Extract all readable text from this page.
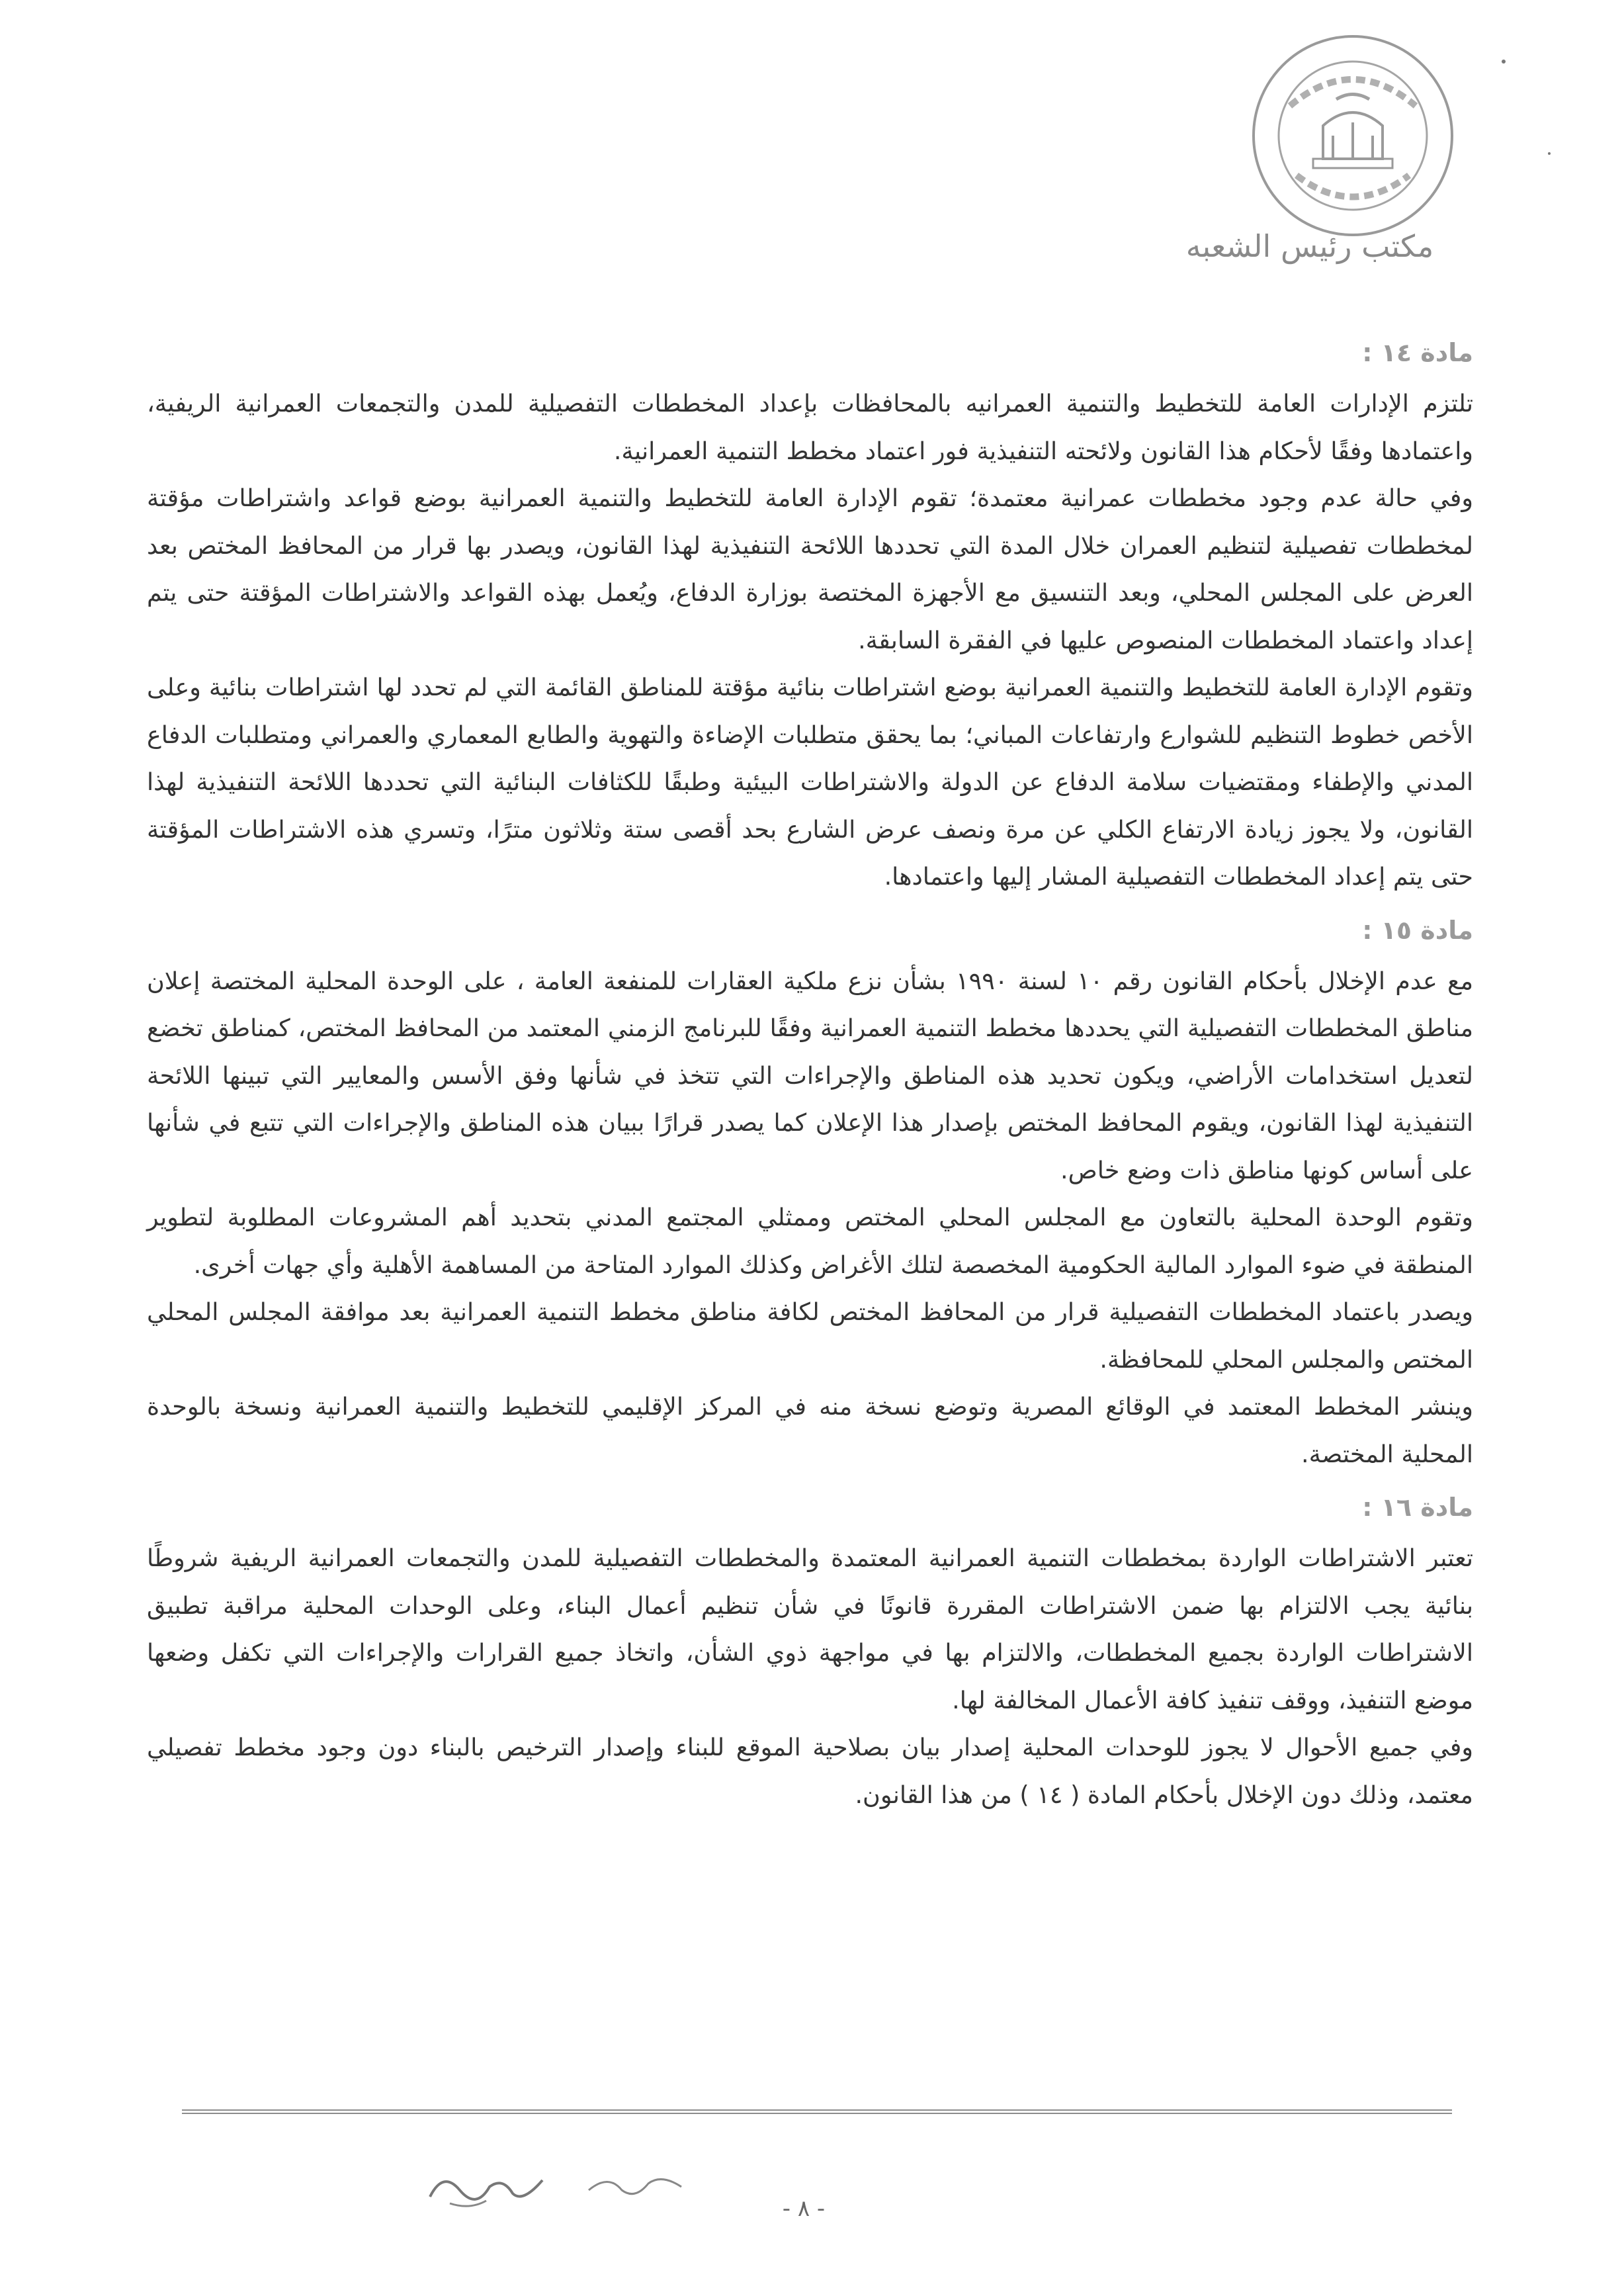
مكتب رئيس الشعبه
مادة ١٤ :

تلتزم الإدارات العامة للتخطيط والتنمية العمرانيه بالمحافظات بإعداد المخططات التفصيلية للمدن والتجمعات العمرانية الريفية، واعتمادها وفقًا لأحكام هذا القانون ولائحته التنفيذية فور اعتماد مخطط التنمية العمرانية.

وفي حالة عدم وجود مخططات عمرانية معتمدة؛ تقوم الإدارة العامة للتخطيط والتنمية العمرانية بوضع قواعد واشتراطات مؤقتة لمخططات تفصيلية لتنظيم العمران خلال المدة التي تحددها اللائحة التنفيذية لهذا القانون، ويصدر بها قرار من المحافظ المختص بعد العرض على المجلس المحلي، وبعد التنسيق مع الأجهزة المختصة بوزارة الدفاع، ويُعمل بهذه القواعد والاشتراطات المؤقتة حتى يتم إعداد واعتماد المخططات المنصوص عليها في الفقرة السابقة.

وتقوم الإدارة العامة للتخطيط والتنمية العمرانية بوضع اشتراطات بنائية مؤقتة للمناطق القائمة التي لم تحدد لها اشتراطات بنائية وعلى الأخص خطوط التنظيم للشوارع وارتفاعات المباني؛ بما يحقق متطلبات الإضاءة والتهوية والطابع المعماري والعمراني ومتطلبات الدفاع المدني والإطفاء ومقتضيات سلامة الدفاع عن الدولة والاشتراطات البيئية وطبقًا للكثافات البنائية التي تحددها اللائحة التنفيذية لهذا القانون، ولا يجوز زيادة الارتفاع الكلي عن مرة ونصف عرض الشارع بحد أقصى ستة وثلاثون مترًا، وتسري هذه الاشتراطات المؤقتة حتى يتم إعداد المخططات التفصيلية المشار إليها واعتمادها.

مادة ١٥ :

مع عدم الإخلال بأحكام القانون رقم ١٠ لسنة ١٩٩٠ بشأن نزع ملكية العقارات للمنفعة العامة ، على الوحدة المحلية المختصة إعلان مناطق المخططات التفصيلية التي يحددها مخطط التنمية العمرانية وفقًا للبرنامج الزمني المعتمد من المحافظ المختص، كمناطق تخضع لتعديل استخدامات الأراضي، ويكون تحديد هذه المناطق والإجراءات التي تتخذ في شأنها وفق الأسس والمعايير التي تبينها اللائحة التنفيذية لهذا القانون، ويقوم المحافظ المختص بإصدار هذا الإعلان كما يصدر قرارًا ببيان هذه المناطق والإجراءات التي تتبع في شأنها على أساس كونها مناطق ذات وضع خاص.

وتقوم الوحدة المحلية بالتعاون مع المجلس المحلي المختص وممثلي المجتمع المدني بتحديد أهم المشروعات المطلوبة لتطوير المنطقة في ضوء الموارد المالية الحكومية المخصصة لتلك الأغراض وكذلك الموارد المتاحة من المساهمة الأهلية وأي جهات أخرى.

ويصدر باعتماد المخططات التفصيلية قرار من المحافظ المختص لكافة مناطق مخطط التنمية العمرانية بعد موافقة المجلس المحلي المختص والمجلس المحلي للمحافظة.

وينشر المخطط المعتمد في الوقائع المصرية وتوضع نسخة منه في المركز الإقليمي للتخطيط والتنمية العمرانية ونسخة بالوحدة المحلية المختصة.

مادة ١٦ :

تعتبر الاشتراطات الواردة بمخططات التنمية العمرانية المعتمدة والمخططات التفصيلية للمدن والتجمعات العمرانية الريفية شروطًا بنائية يجب الالتزام بها ضمن الاشتراطات المقررة قانونًا في شأن تنظيم أعمال البناء، وعلى الوحدات المحلية مراقبة تطبيق الاشتراطات الواردة بجميع المخططات، والالتزام بها في مواجهة ذوي الشأن، واتخاذ جميع القرارات والإجراءات التي تكفل وضعها موضع التنفيذ، ووقف تنفيذ كافة الأعمال المخالفة لها.

وفي جميع الأحوال لا يجوز للوحدات المحلية إصدار بيان بصلاحية الموقع للبناء وإصدار الترخيص بالبناء دون وجود مخطط تفصيلي معتمد، وذلك دون الإخلال بأحكام المادة ( ١٤ ) من هذا القانون.

- ٨ -
